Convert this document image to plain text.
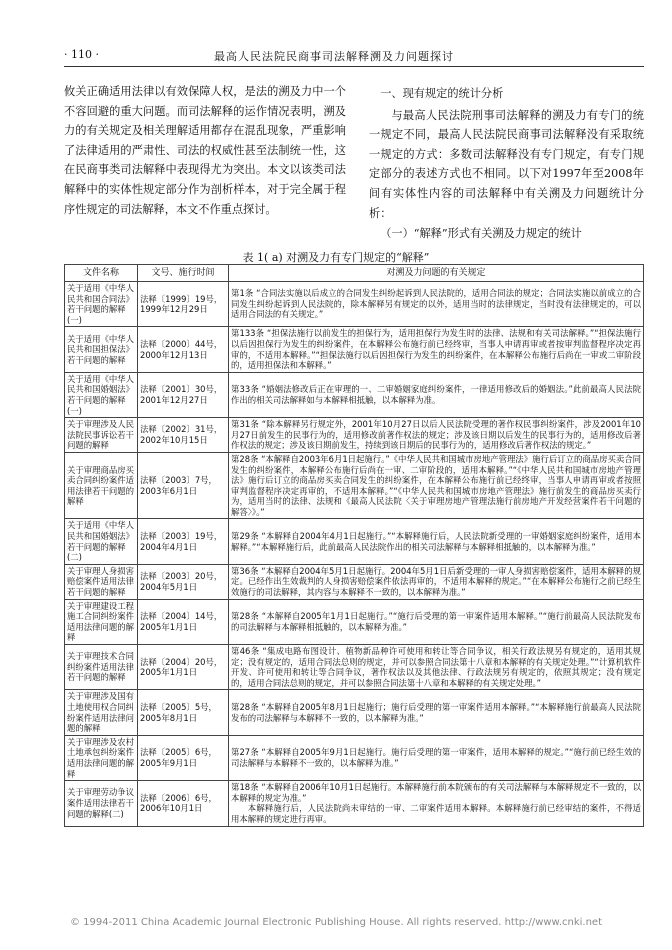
· 110 ·	最高人民法院民商事司法解释溯及力问题探讨

攸关正确适用法律以有效保障人权，是法的溯及力中一个不容回避的重大问题。而司法解释的运作情况表明，溯及力的有关规定及相关理解适用都存在混乱现象，严重影响了法律适用的严肃性、司法的权威性甚至法制统一性，这在民商事类司法解释中表现得尤为突出。本文以该类司法解释中的实体性规定部分作为剖析样本，对于完全属于程序性规定的司法解释，本文不作重点探讨。

一、现有规定的统计分析

与最高人民法院刑事司法解释的溯及力有专门的统一规定不同，最高人民法院民商事司法解释没有采取统一规定的方式：多数司法解释没有专门规定，有专门规定部分的表述方式也不相同。以下对1997年至2008年间有实体性内容的司法解释中有关溯及力问题统计分析：

（一）“解释”形式有关溯及力规定的统计

表 1( a) 对溯及力有专门规定的“解释”
文件名称	文号、施行时间	对溯及力问题的有关规定
关于适用《中华人民共和国合同法》若干问题的解释(一)	法释〔1999〕19号，1999年12月29日	第1条 “合同法实施以后成立的合同发生纠纷起诉到人民法院的，适用合同法的规定；合同法实施以前成立的合同发生纠纷起诉到人民法院的，除本解释另有规定的以外，适用当时的法律规定，当时没有法律规定的，可以适用合同法的有关规定。”
关于适用《中华人民共和国担保法》若干问题的解释	法释〔2000〕44号，2000年12月13日	第133条 “担保法施行以前发生的担保行为，适用担保行为发生时的法律、法规和有关司法解释。”“担保法施行以后因担保行为发生的纠纷案件，在本解释公布施行前已经终审，当事人申请再审或者按审判监督程序决定再审的，不适用本解释。”“担保法施行以后因担保行为发生的纠纷案件，在本解释公布施行后尚在一审或二审阶段的，适用担保法和本解释。”
关于适用《中华人民共和国婚姻法》若干问题的解释(一)	法释〔2001〕30号，2001年12月27日	第33条 “婚姻法修改后正在审理的一、二审婚姻家庭纠纷案件，一律适用修改后的婚姻法。”此前最高人民法院作出的相关司法解释如与本解释相抵触，以本解释为准。
关于审理涉及人民法院民事诉讼若干问题的解释	法释〔2002〕31号，2002年10月15日	第31条 “除本解释另行规定外，2001年10月27日以后人民法院受理的著作权民事纠纷案件，涉及2001年10月27日前发生的民事行为的，适用修改前著作权法的规定；涉及该日期以后发生的民事行为的，适用修改后著作权法的规定；涉及该日期前发生，持续到该日期后的民事行为的，适用修改后著作权法的规定。”
关于审理商品房买卖合同纠纷案件适用法律若干问题的解释	法释〔2003〕7号，2003年6月1日	第28条 “本解释自2003年6月1日起施行。”《中华人民共和国城市房地产管理法》施行后订立的商品房买卖合同发生的纠纷案件，本解释公布施行后尚在一审、二审阶段的，适用本解释。”“《中华人民共和国城市房地产管理法》施行后订立的商品房买卖合同发生的纠纷案件，在本解释公布施行前已经终审，当事人申请再审或者按照审判监督程序决定再审的，不适用本解释。”“《中华人民共和国城市房地产管理法》施行前发生的商品房买卖行为，适用当时的法律、法规和《最高人民法院〈关于审理房地产管理法施行前房地产开发经营案件若干问题的解答〉》。”
关于适用《中华人民共和国婚姻法》若干问题的解释(二)	法释〔2003〕19号，2004年4月1日	第29条 “本解释自2004年4月1日起施行。”“本解释施行后，人民法院新受理的一审婚姻家庭纠纷案件，适用本解释。”“本解释施行后，此前最高人民法院作出的相关司法解释与本解释相抵触的，以本解释为准。”
关于审理人身损害赔偿案件适用法律若干问题的解释	法释〔2003〕20号，2004年5月1日	第36条 “本解释自2004年5月1日起施行。2004年5月1日后新受理的一审人身损害赔偿案件，适用本解释的规定。已经作出生效裁判的人身损害赔偿案件依法再审的，不适用本解释的规定。”“在本解释公布施行之前已经生效施行的司法解释，其内容与本解释不一致的，以本解释为准。”
关于审理建设工程施工合同纠纷案件适用法律问题的解释	法释〔2004〕14号，2005年1月1日	第28条 “本解释自2005年1月1日起施行。”“施行后受理的第一审案件适用本解释。”“施行前最高人民法院发布的司法解释与本解释相抵触的，以本解释为准。”
关于审理技术合同纠纷案件适用法律若干问题的解释	法释〔2004〕20号，2005年1月1日	第46条 “集成电路布图设计、植物新品种许可使用和转让等合同争议，相关行政法规另有规定的，适用其规定；没有规定的，适用合同法总则的规定，并可以参照合同法第十八章和本解释的有关规定处理。”“计算机软件开发、许可使用和转让等合同争议，著作权法以及其他法律、行政法规另有规定的，依照其规定；没有规定的，适用合同法总则的规定，并可以参照合同法第十八章和本解释的有关规定处理。”
关于审理涉及国有土地使用权合同纠纷案件适用法律问题的解释	法释〔2005〕5号，2005年8月1日	第28条 “本解释自2005年8月1日起施行；施行后受理的第一审案件适用本解释。”“本解释施行前最高人民法院发布的司法解释与本解释不一致的，以本解释为准。”
关于审理涉及农村土地承包纠纷案件适用法律问题的解释	法释〔2005〕6号，2005年9月1日	第27条 “本解释自2005年9月1日起施行。施行后受理的第一审案件，适用本解释的规定。”“施行前已经生效的司法解释与本解释不一致的，以本解释为准。”
关于审理劳动争议案件适用法律若干问题的解释(二)	法释〔2006〕6号，2006年10月1日	第18条 “本解释自2006年10月1日起施行。本解释施行前本院颁布的有关司法解释与本解释规定不一致的，以本解释的规定为准。”
本解释施行后，人民法院尚未审结的一审、二审案件适用本解释。本解释施行前已经审结的案件，不得适用本解释的规定进行再审。
© 1994-2011 China Academic Journal Electronic Publishing House. All rights reserved. http://www.cnki.net
